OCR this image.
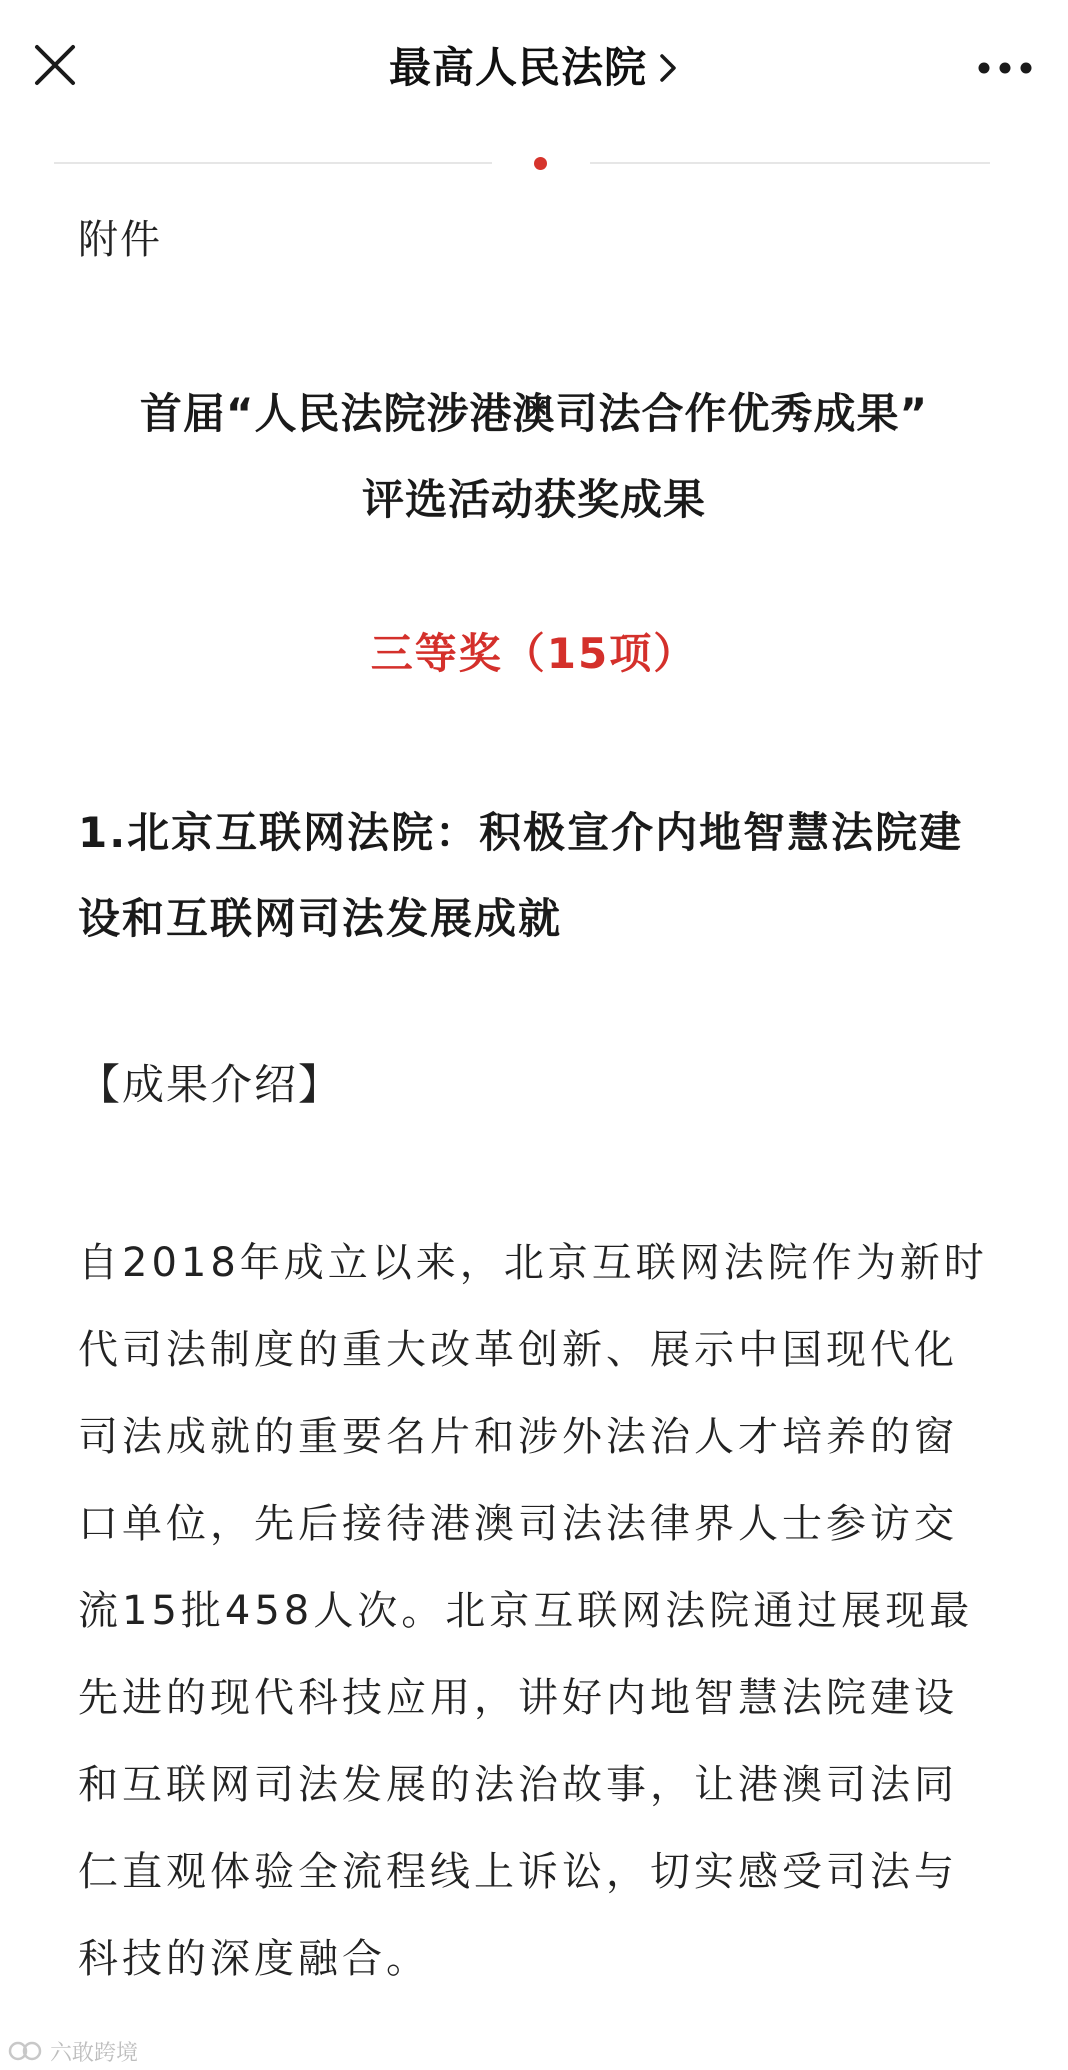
最高人民法院
附件
首届“人民法院涉港澳司法合作优秀成果”
评选活动获奖成果
三等奖（15项）
1.北京互联网法院：积极宣介内地智慧法院建
设和互联网司法发展成就
【成果介绍】
自2018年成立以来，北京互联网法院作为新时
代司法制度的重大改革创新、展示中国现代化
司法成就的重要名片和涉外法治人才培养的窗
口单位，先后接待港澳司法法律界人士参访交
流15批458人次。北京互联网法院通过展现最
先进的现代科技应用，讲好内地智慧法院建设
和互联网司法发展的法治故事，让港澳司法同
仁直观体验全流程线上诉讼，切实感受司法与
科技的深度融合。
六敢跨境
